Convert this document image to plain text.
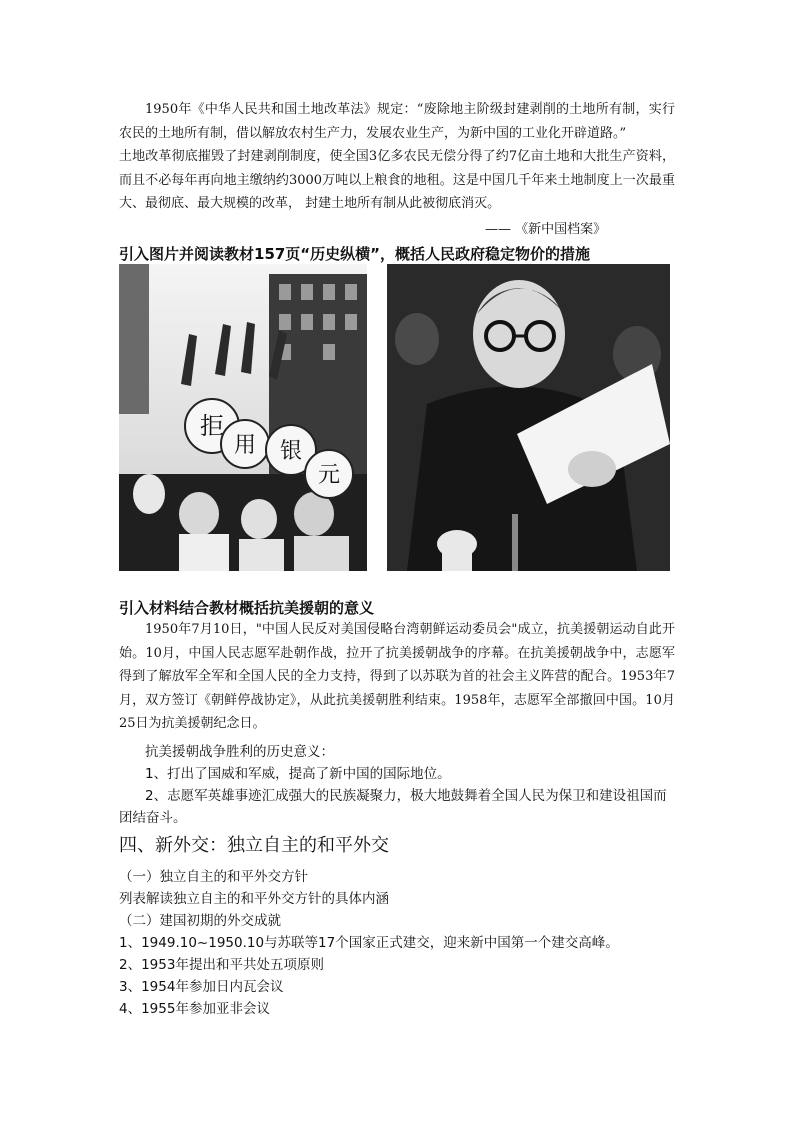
1950年《中华人民共和国土地改革法》规定：“废除地主阶级封建剥削的土地所有制，实行农民的土地所有制，借以解放农村生产力，发展农业生产，为新中国的工业化开辟道路。”

土地改革彻底摧毁了封建剥削制度，使全国3亿多农民无偿分得了约7亿亩土地和大批生产资料，而且不必每年再向地主缴纳约3000万吨以上粮食的地租。这是中国几千年来土地制度上一次最重大、最彻底、最大规模的改革， 封建土地所有制从此被彻底消灭。

—— 《新中国档案》
引入图片并阅读教材157页“历史纵横”，概括人民政府稳定物价的措施
拒
用 银
元
引入材料结合教材概括抗美援朝的意义

1950年7月10日，"中国人民反对美国侵略台湾朝鲜运动委员会"成立，抗美援朝运动自此开始。10月，中国人民志愿军赴朝作战，拉开了抗美援朝战争的序幕。在抗美援朝战争中，志愿军得到了解放军全军和全国人民的全力支持，得到了以苏联为首的社会主义阵营的配合。1953年7月，双方签订《朝鲜停战协定》，从此抗美援朝胜利结束。1958年，志愿军全部撤回中国。10月25日为抗美援朝纪念日。

抗美援朝战争胜利的历史意义：

1、打出了国威和军威，提高了新中国的国际地位。

2、志愿军英雄事迹汇成强大的民族凝聚力，极大地鼓舞着全国人民为保卫和建设祖国而团结奋斗。

四、新外交：独立自主的和平外交
（一）独立自主的和平外交方针
列表解读独立自主的和平外交方针的具体内涵
（二）建国初期的外交成就
1、1949.10~1950.10与苏联等17个国家正式建交，迎来新中国第一个建交高峰。
2、1953年提出和平共处五项原则
3、1954年参加日内瓦会议
4、1955年参加亚非会议
